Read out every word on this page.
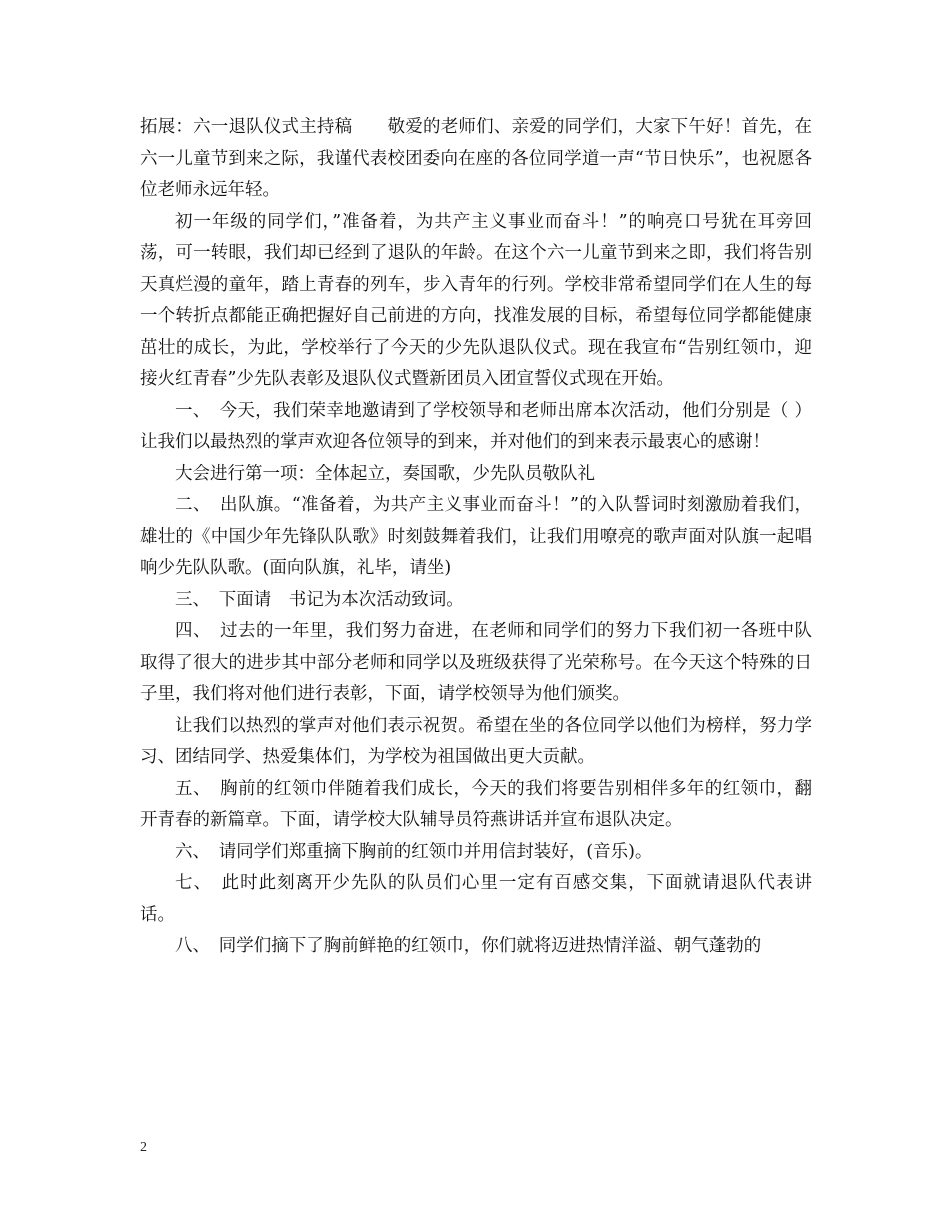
拓展：六一退队仪式主持稿　　敬爱的老师们、亲爱的同学们，大家下午好！首先，在六一儿童节到来之际，我谨代表校团委向在座的各位同学道一声“节日快乐”，也祝愿各位老师永远年轻。

初一年级的同学们，”准备着，为共产主义事业而奋斗！”的响亮口号犹在耳旁回荡，可一转眼，我们却已经到了退队的年龄。在这个六一儿童节到来之即，我们将告别天真烂漫的童年，踏上青春的列车，步入青年的行列。学校非常希望同学们在人生的每一个转折点都能正确把握好自己前进的方向，找准发展的目标，希望每位同学都能健康茁壮的成长，为此，学校举行了今天的少先队退队仪式。现在我宣布“告别红领巾，迎接火红青春”少先队表彰及退队仪式暨新团员入团宣誓仪式现在开始。

一、　今天，我们荣幸地邀请到了学校领导和老师出席本次活动，他们分别是（ ）让我们以最热烈的掌声欢迎各位领导的到来，并对他们的到来表示最衷心的感谢！

大会进行第一项：全体起立，奏国歌，少先队员敬队礼

二、　出队旗。“准备着，为共产主义事业而奋斗！”的入队誓词时刻激励着我们，雄壮的《中国少年先锋队队歌》时刻鼓舞着我们，让我们用嘹亮的歌声面对队旗一起唱响少先队队歌。(面向队旗，礼毕，请坐)

三、　下面请　书记为本次活动致词。

四、　过去的一年里，我们努力奋进，在老师和同学们的努力下我们初一各班中队取得了很大的进步其中部分老师和同学以及班级获得了光荣称号。在今天这个特殊的日子里，我们将对他们进行表彰，下面，请学校领导为他们颁奖。

让我们以热烈的掌声对他们表示祝贺。希望在坐的各位同学以他们为榜样，努力学习、团结同学、热爱集体们，为学校为祖国做出更大贡献。

五、　胸前的红领巾伴随着我们成长，今天的我们将要告别相伴多年的红领巾，翻开青春的新篇章。下面，请学校大队辅导员符燕讲话并宣布退队决定。

六、　请同学们郑重摘下胸前的红领巾并用信封装好，(音乐)。

七、　此时此刻离开少先队的队员们心里一定有百感交集，下面就请退队代表讲话。

八、　同学们摘下了胸前鲜艳的红领巾，你们就将迈进热情洋溢、朝气蓬勃的

2
